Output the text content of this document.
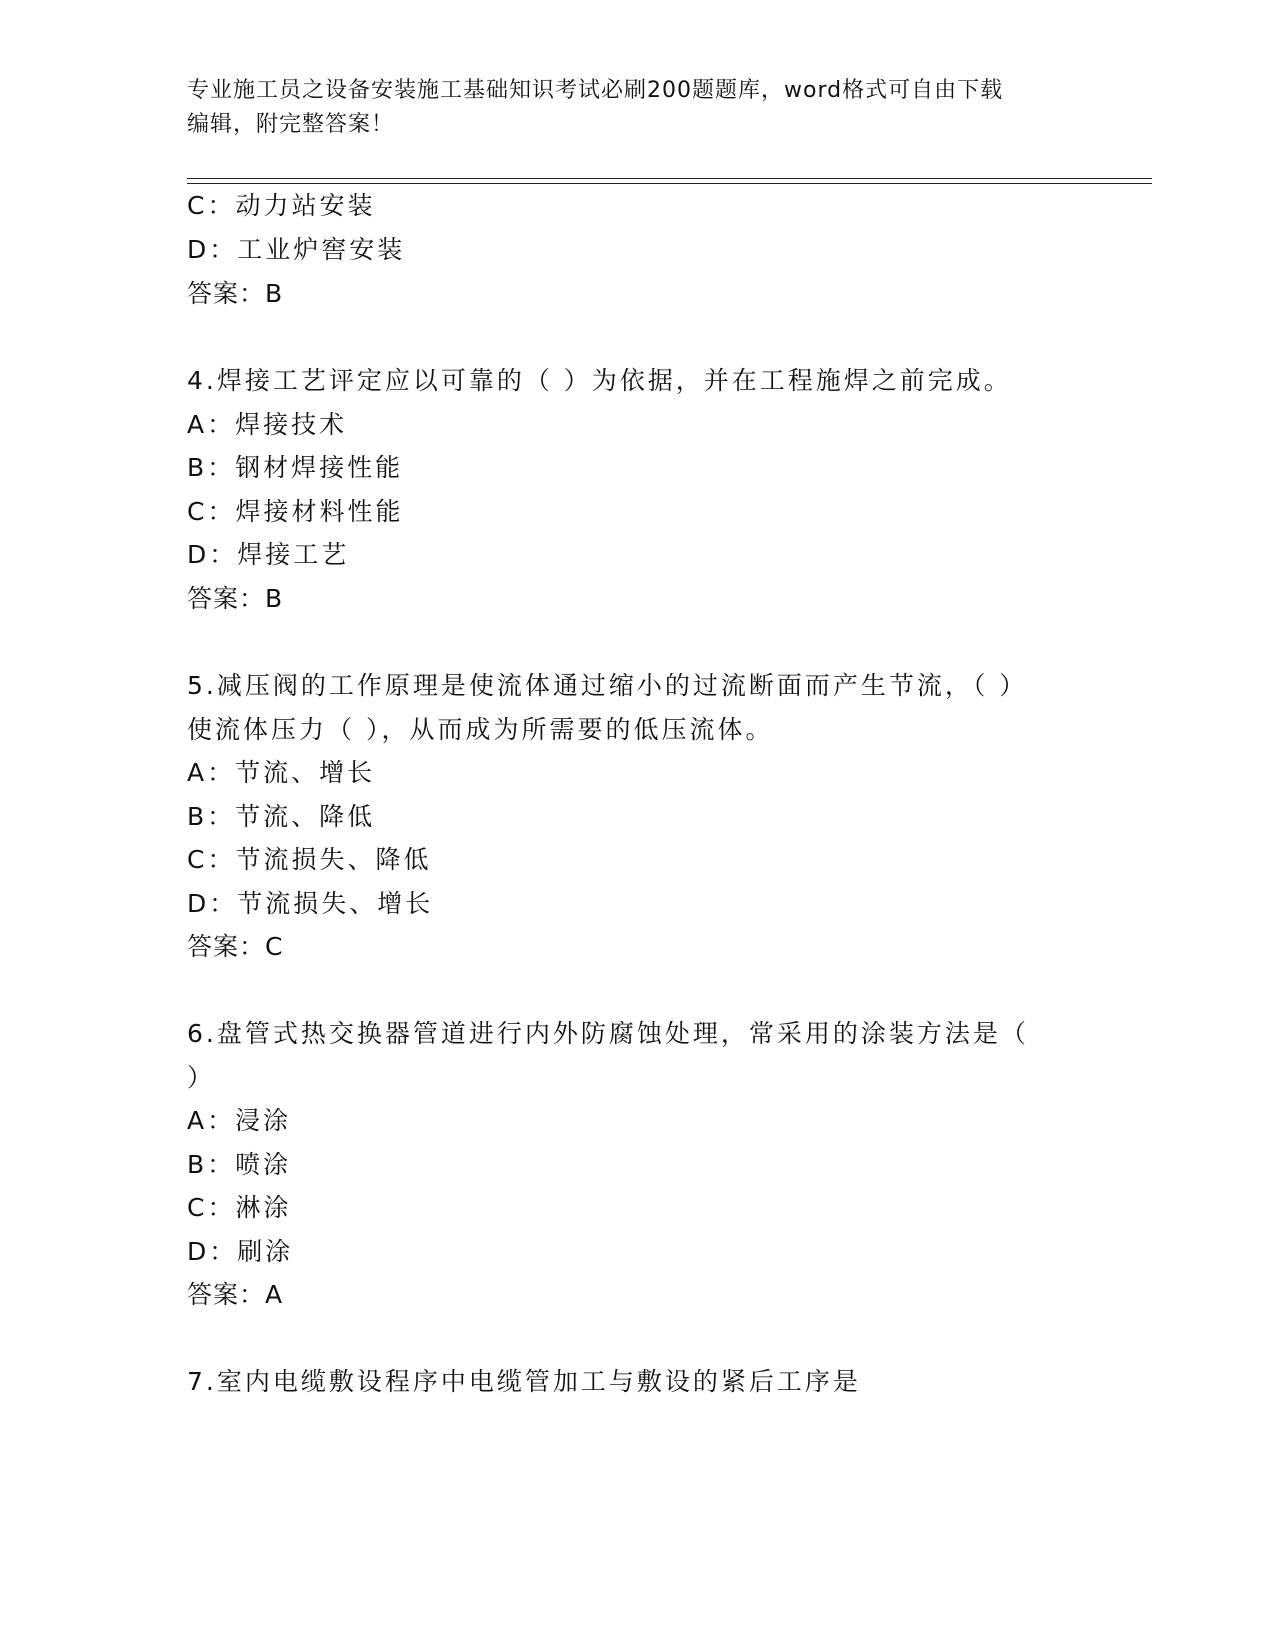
专业施工员之设备安装施工基础知识考试必刷200题题库，word格式可自由下载
编辑，附完整答案！
C：动力站安装
D：工业炉窖安装
答案：B
4.焊接工艺评定应以可靠的（ ）为依据，并在工程施焊之前完成。
A：焊接技术
B：钢材焊接性能
C：焊接材料性能
D：焊接工艺
答案：B
5.减压阀的工作原理是使流体通过缩小的过流断面而产生节流，（ ）
使流体压力（ ），从而成为所需要的低压流体。
A：节流、增长
B：节流、降低
C：节流损失、降低
D：节流损失、增长
答案：C
6.盘管式热交换器管道进行内外防腐蚀处理，常采用的涂装方法是（
）
A：浸涂
B：喷涂
C：淋涂
D：刷涂
答案：A
7.室内电缆敷设程序中电缆管加工与敷设的紧后工序是
